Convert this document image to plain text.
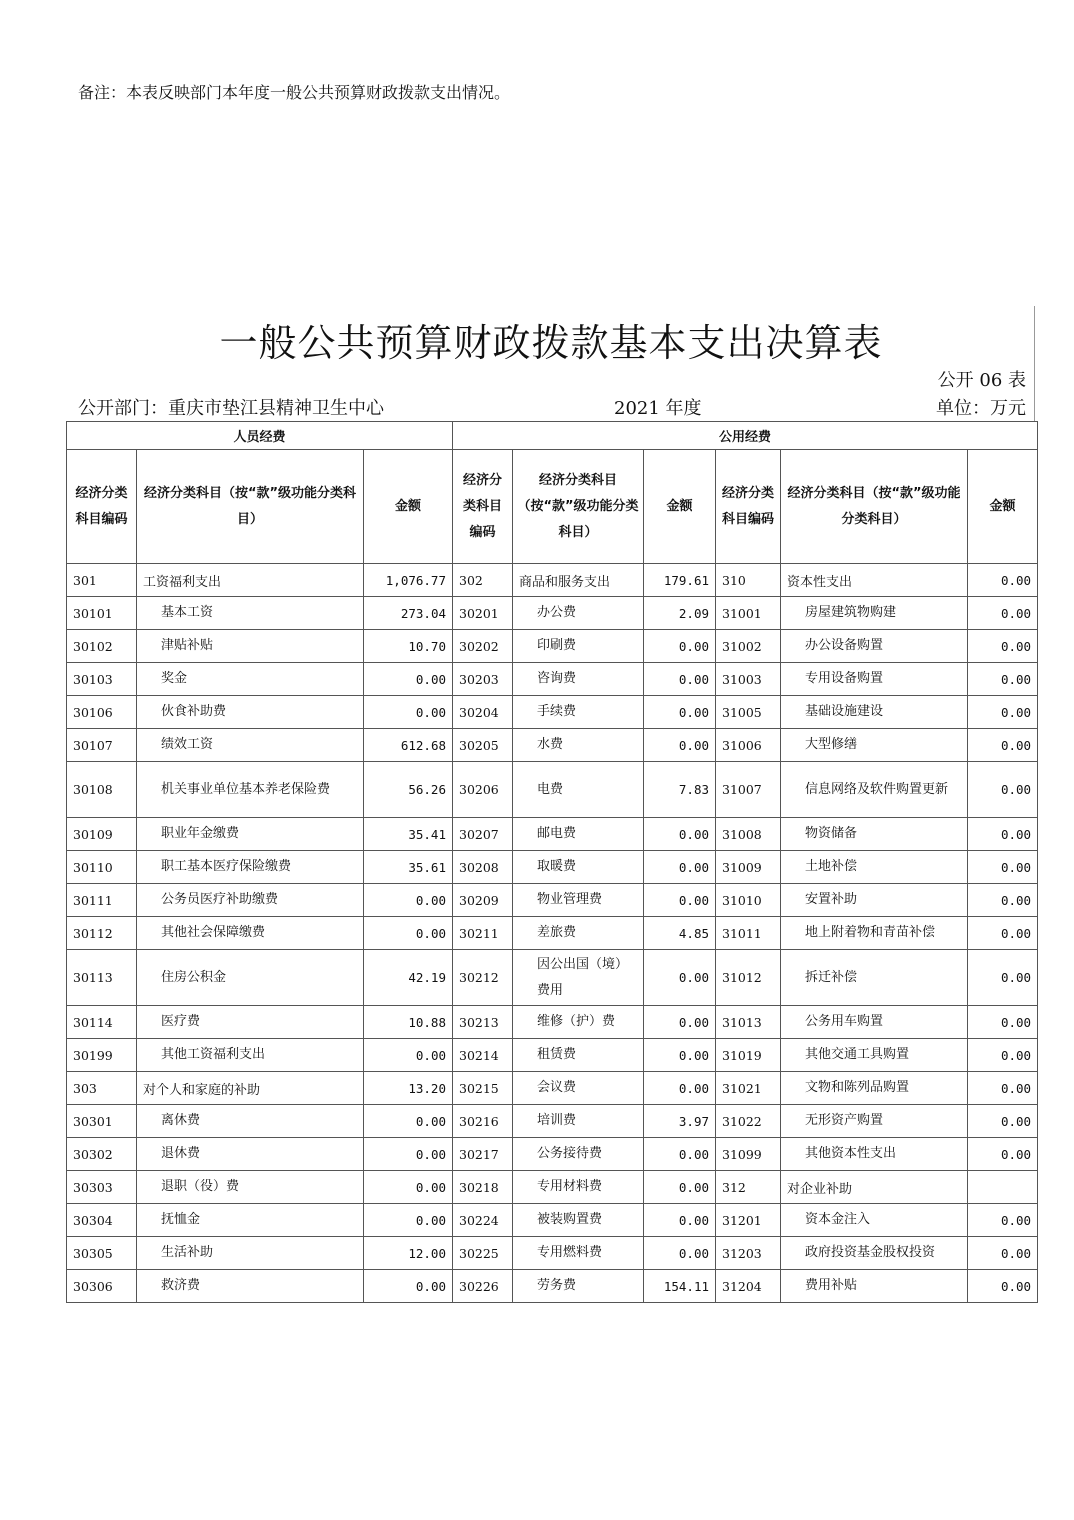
备注：本表反映部门本年度一般公共预算财政拨款支出情况。
一般公共预算财政拨款基本支出决算表
公开 06 表
公开部门：重庆市垫江县精神卫生中心	2021 年度	单位：万元
人员经费			公用经费					
经济分类科目编码	经济分类科目（按“款”级功能分类科目）	金额	经济分类科目编码	经济分类科目（按“款”级功能分类科目）	金额	经济分类科目编码	经济分类科目（按“款”级功能分类科目）	金额
301	工资福利支出	1,076.77	302	商品和服务支出	179.61	310	资本性支出	0.00
30101	基本工资	273.04	30201	办公费	2.09	31001	房屋建筑物购建	0.00
30102	津贴补贴	10.70	30202	印刷费	0.00	31002	办公设备购置	0.00
30103	奖金	0.00	30203	咨询费	0.00	31003	专用设备购置	0.00
30106	伙食补助费	0.00	30204	手续费	0.00	31005	基础设施建设	0.00
30107	绩效工资	612.68	30205	水费	0.00	31006	大型修缮	0.00
30108	机关事业单位基本养老保险费	56.26	30206	电费	7.83	31007	信息网络及软件购置更新	0.00
30109	职业年金缴费	35.41	30207	邮电费	0.00	31008	物资储备	0.00
30110	职工基本医疗保险缴费	35.61	30208	取暖费	0.00	31009	土地补偿	0.00
30111	公务员医疗补助缴费	0.00	30209	物业管理费	0.00	31010	安置补助	0.00
30112	其他社会保障缴费	0.00	30211	差旅费	4.85	31011	地上附着物和青苗补偿	0.00
30113	住房公积金	42.19	30212	因公出国（境）费用	0.00	31012	拆迁补偿	0.00
30114	医疗费	10.88	30213	维修（护）费	0.00	31013	公务用车购置	0.00
30199	其他工资福利支出	0.00	30214	租赁费	0.00	31019	其他交通工具购置	0.00
303	对个人和家庭的补助	13.20	30215	会议费	0.00	31021	文物和陈列品购置	0.00
30301	离休费	0.00	30216	培训费	3.97	31022	无形资产购置	0.00
30302	退休费	0.00	30217	公务接待费	0.00	31099	其他资本性支出	0.00
30303	退职（役）费	0.00	30218	专用材料费	0.00	312	对企业补助	
30304	抚恤金	0.00	30224	被装购置费	0.00	31201	资本金注入	0.00
30305	生活补助	12.00	30225	专用燃料费	0.00	31203	政府投资基金股权投资	0.00
30306	救济费	0.00	30226	劳务费	154.11	31204	费用补贴	0.00
